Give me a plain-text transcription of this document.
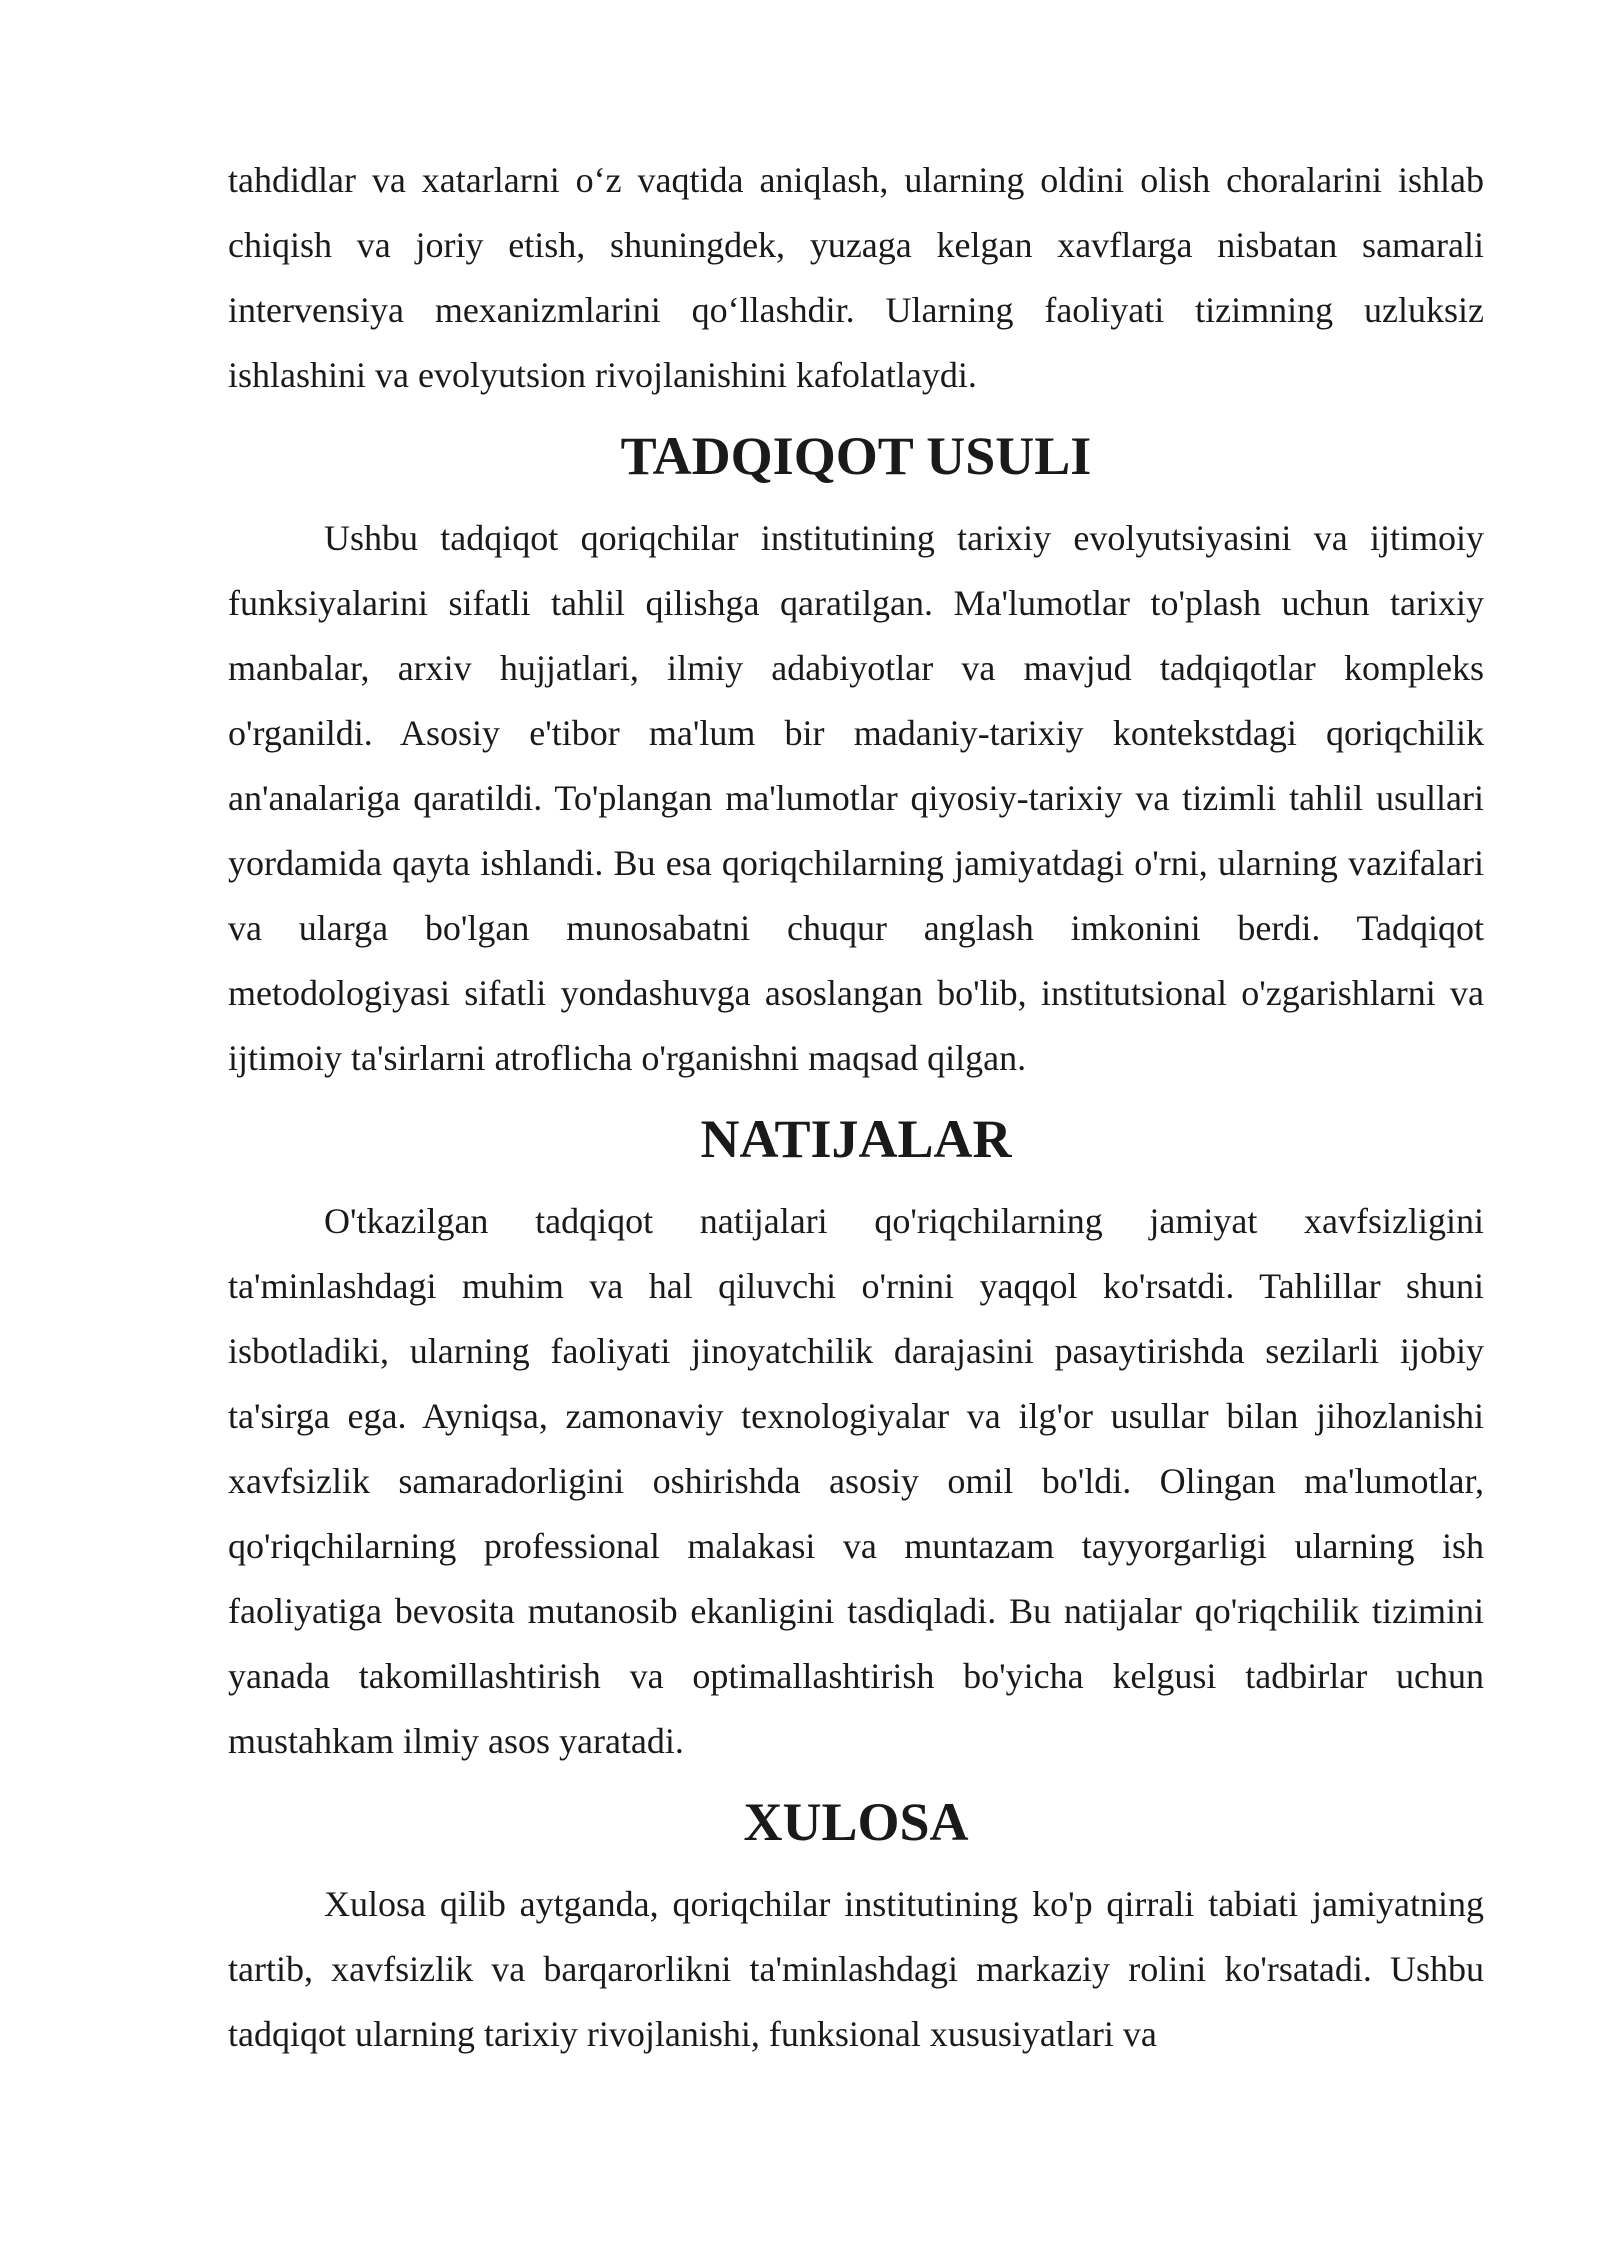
tahdidlar va xatarlarni o‘z vaqtida aniqlash, ularning oldini olish choralarini ishlab chiqish va joriy etish, shuningdek, yuzaga kelgan xavflarga nisbatan samarali intervensiya mexanizmlarini qo‘llashdir. Ularning faoliyati tizimning uzluksiz ishlashini va evolyutsion rivojlanishini kafolatlaydi.

TADQIQOT USULI

Ushbu tadqiqot qoriqchilar institutining tarixiy evolyutsiyasini va ijtimoiy funksiyalarini sifatli tahlil qilishga qaratilgan. Ma'lumotlar to'plash uchun tarixiy manbalar, arxiv hujjatlari, ilmiy adabiyotlar va mavjud tadqiqotlar kompleks o'rganildi. Asosiy e'tibor ma'lum bir madaniy-tarixiy kontekstdagi qoriqchilik an'analariga qaratildi. To'plangan ma'lumotlar qiyosiy-tarixiy va tizimli tahlil usullari yordamida qayta ishlandi. Bu esa qoriqchilarning jamiyatdagi o'rni, ularning vazifalari va ularga bo'lgan munosabatni chuqur anglash imkonini berdi. Tadqiqot metodologiyasi sifatli yondashuvga asoslangan bo'lib, institutsional o'zgarishlarni va ijtimoiy ta'sirlarni atroflicha o'rganishni maqsad qilgan.

NATIJALAR

O'tkazilgan tadqiqot natijalari qo'riqchilarning jamiyat xavfsizligini ta'minlashdagi muhim va hal qiluvchi o'rnini yaqqol ko'rsatdi. Tahlillar shuni isbotladiki, ularning faoliyati jinoyatchilik darajasini pasaytirishda sezilarli ijobiy ta'sirga ega. Ayniqsa, zamonaviy texnologiyalar va ilg'or usullar bilan jihozlanishi xavfsizlik samaradorligini oshirishda asosiy omil bo'ldi. Olingan ma'lumotlar, qo'riqchilarning professional malakasi va muntazam tayyorgarligi ularning ish faoliyatiga bevosita mutanosib ekanligini tasdiqladi. Bu natijalar qo'riqchilik tizimini yanada takomillashtirish va optimallashtirish bo'yicha kelgusi tadbirlar uchun mustahkam ilmiy asos yaratadi.

XULOSA

Xulosa qilib aytganda, qoriqchilar institutining ko'p qirrali tabiati jamiyatning tartib, xavfsizlik va barqarorlikni ta'minlashdagi markaziy rolini ko'rsatadi. Ushbu tadqiqot ularning tarixiy rivojlanishi, funksional xususiyatlari va
